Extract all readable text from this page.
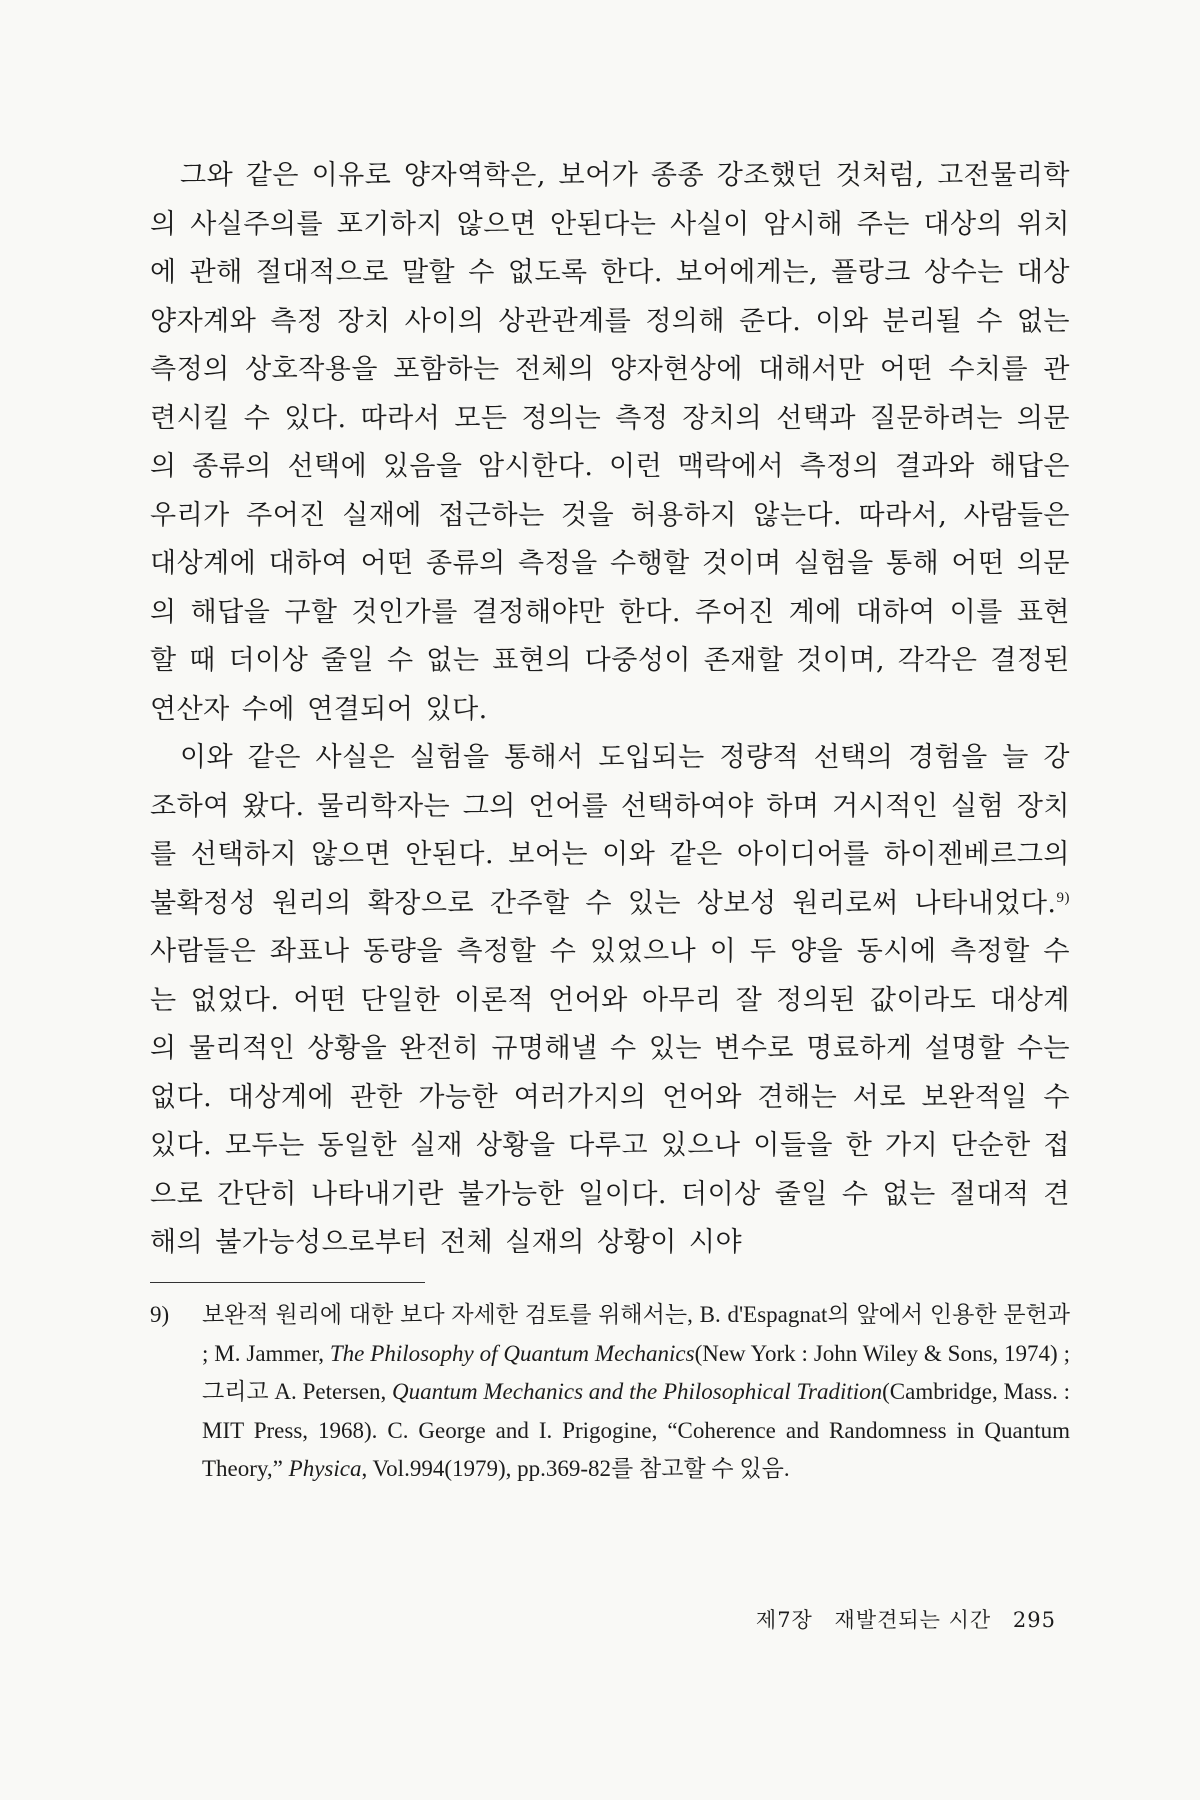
그와 같은 이유로 양자역학은, 보어가 종종 강조했던 것처럼, 고전물리학의 사실주의를 포기하지 않으면 안된다는 사실이 암시해 주는 대상의 위치에 관해 절대적으로 말할 수 없도록 한다. 보어에게는, 플랑크 상수는 대상 양자계와 측정 장치 사이의 상관관계를 정의해 준다. 이와 분리될 수 없는 측정의 상호작용을 포함하는 전체의 양자현상에 대해서만 어떤 수치를 관련시킬 수 있다. 따라서 모든 정의는 측정 장치의 선택과 질문하려는 의문의 종류의 선택에 있음을 암시한다. 이런 맥락에서 측정의 결과와 해답은 우리가 주어진 실재에 접근하는 것을 허용하지 않는다. 따라서, 사람들은 대상계에 대하여 어떤 종류의 측정을 수행할 것이며 실험을 통해 어떤 의문의 해답을 구할 것인가를 결정해야만 한다. 주어진 계에 대하여 이를 표현할 때 더이상 줄일 수 없는 표현의 다중성이 존재할 것이며, 각각은 결정된 연산자 수에 연결되어 있다.

이와 같은 사실은 실험을 통해서 도입되는 정량적 선택의 경험을 늘 강조하여 왔다. 물리학자는 그의 언어를 선택하여야 하며 거시적인 실험 장치를 선택하지 않으면 안된다. 보어는 이와 같은 아이디어를 하이젠베르그의 불확정성 원리의 확장으로 간주할 수 있는 상보성 원리로써 나타내었다.$^{9)}$ 사람들은 좌표나 동량을 측정할 수 있었으나 이 두 양을 동시에 측정할 수는 없었다. 어떤 단일한 이론적 언어와 아무리 잘 정의된 값이라도 대상계의 물리적인 상황을 완전히 규명해낼 수 있는 변수로 명료하게 설명할 수는 없다. 대상계에 관한 가능한 여러가지의 언어와 견해는 서로 보완적일 수 있다. 모두는 동일한 실재 상황을 다루고 있으나 이들을 한 가지 단순한 접으로 간단히 나타내기란 불가능한 일이다. 더이상 줄일 수 없는 절대적 견해의 불가능성으로부터 전체 실재의 상황이 시야

9)	보완적 원리에 대한 보다 자세한 검토를 위해서는, B. d'Espagnat의 앞에서 인용한 문헌과 ; M. Jammer, The Philosophy of Quantum Mechanics(New York : John Wiley & Sons, 1974) ; 그리고 A. Petersen, Quantum Mechanics and the Philosophical Tradition(Cambridge, Mass. : MIT Press, 1968). C. George and I. Prigogine, “Coherence and Randomness in Quantum Theory,” Physica, Vol.994(1979), pp.369-82를 참고할 수 있음.
제7장 재발견되는 시간 295
